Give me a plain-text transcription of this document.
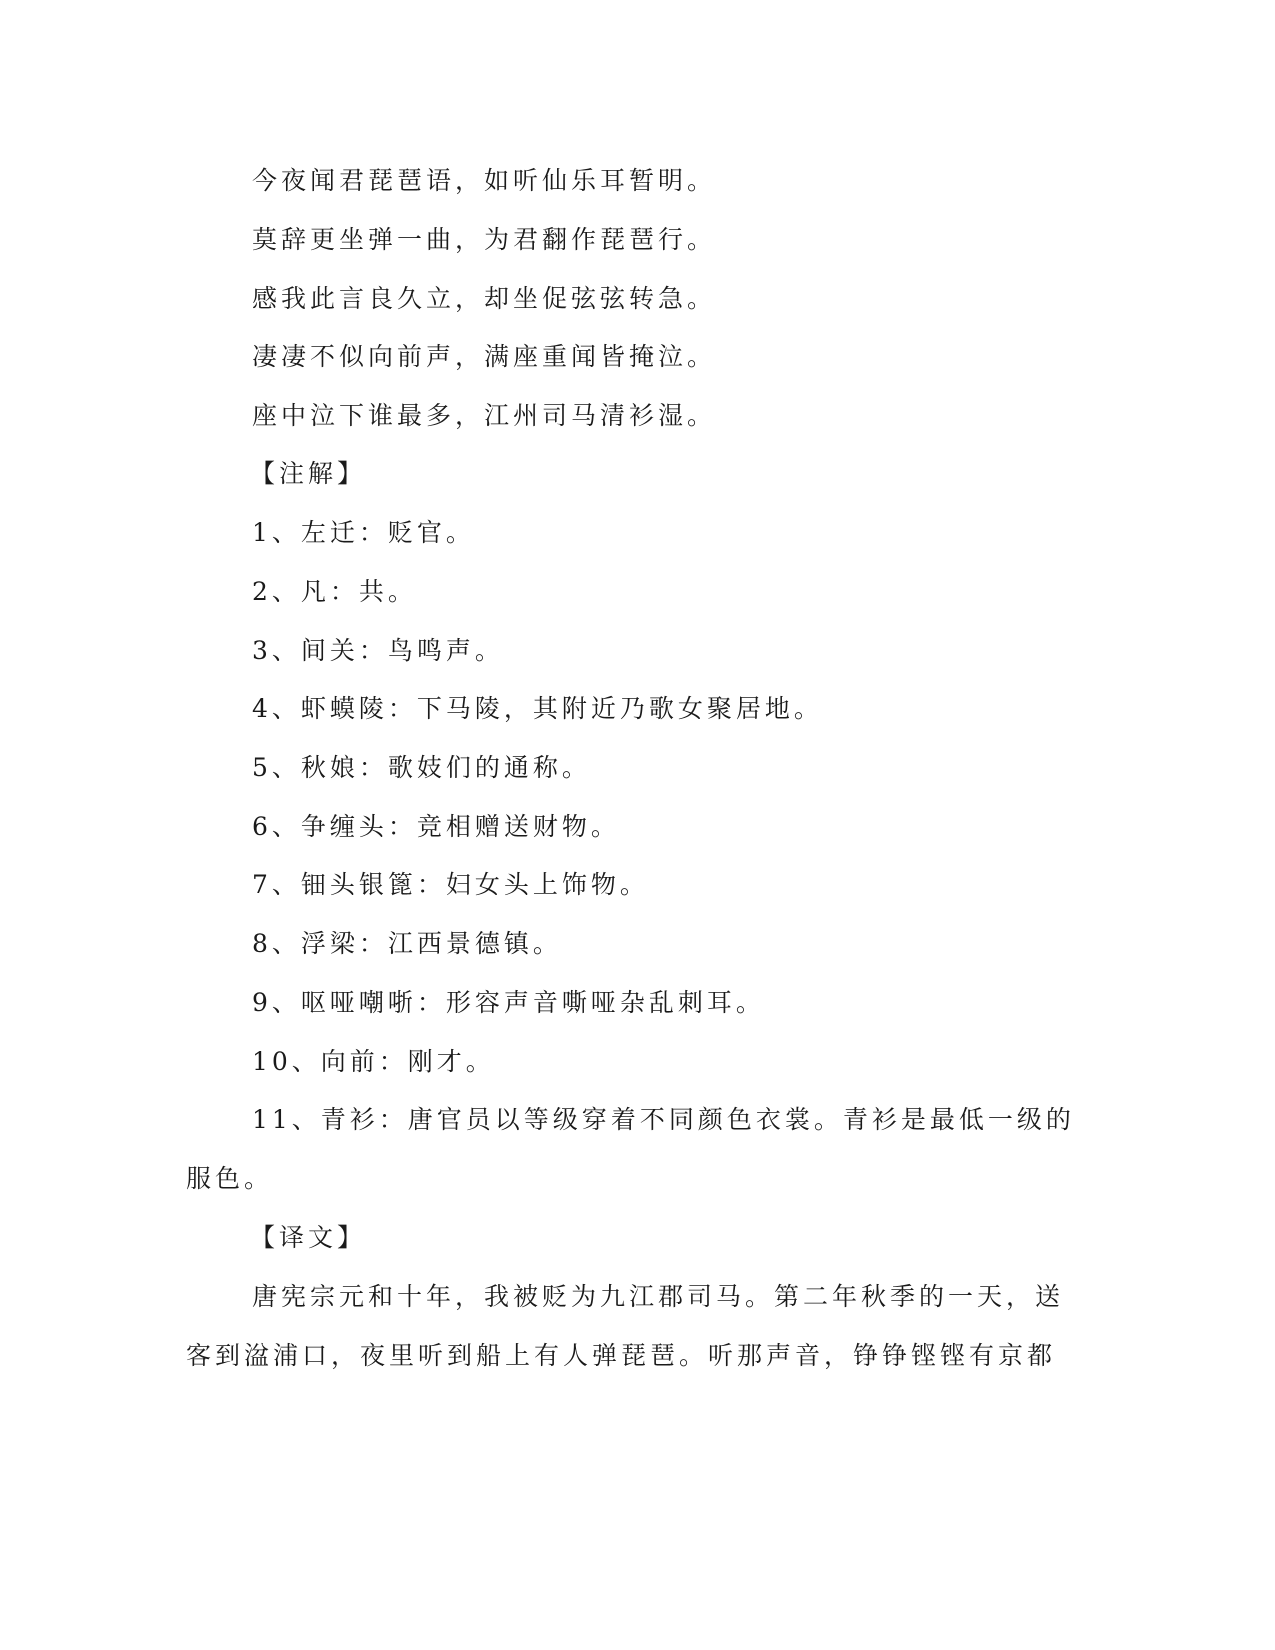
今夜闻君琵琶语，如听仙乐耳暂明。
莫辞更坐弹一曲，为君翻作琵琶行。
感我此言良久立，却坐促弦弦转急。
凄凄不似向前声，满座重闻皆掩泣。
座中泣下谁最多，江州司马清衫湿。
【注解】
1、左迁：贬官。
2、凡：共。
3、间关：鸟鸣声。
4、虾蟆陵：下马陵，其附近乃歌女聚居地。
5、秋娘：歌妓们的通称。
6、争缠头：竞相赠送财物。
7、钿头银篦：妇女头上饰物。
8、浮梁：江西景德镇。
9、呕哑嘲哳：形容声音嘶哑杂乱刺耳。
10、向前：刚才。
11、青衫：唐官员以等级穿着不同颜色衣裳。青衫是最低一级的
服色。
【译文】
唐宪宗元和十年，我被贬为九江郡司马。第二年秋季的一天，送
客到湓浦口，夜里听到船上有人弹琵琶。听那声音，铮铮铿铿有京都
